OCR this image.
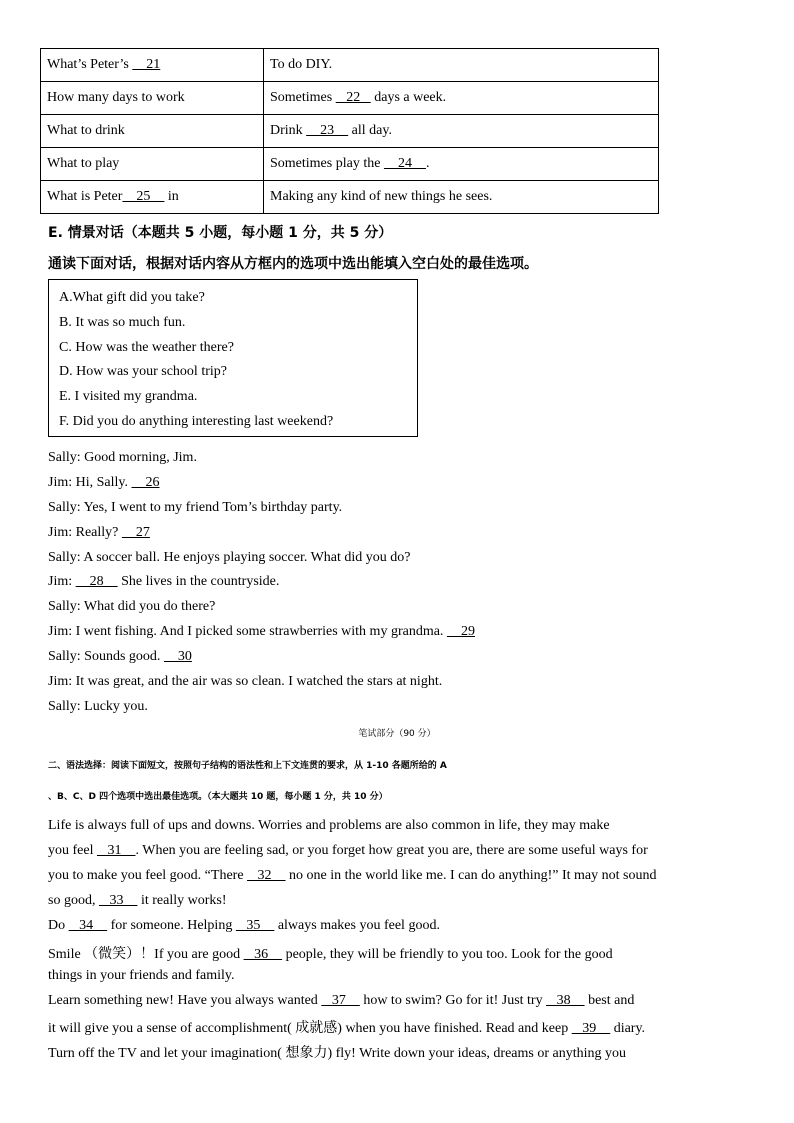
What’s Peter’s     21	To do DIY.
How many days to work	Sometimes    22    days a week.
What to drink	Drink     23     all day.
What to play	Sometimes play the     24    .
What is Peter    25     in	Making any kind of new things he sees.
E. 情景对话（本题共 5 小题，每小题 1 分，共 5 分）
通读下面对话，根据对话内容从方框内的选项中选出能填入空白处的最佳选项。
A.What gift did you take?
B. It was so much fun.
C. How was the weather there?
D. How was your school trip?
E. I visited my grandma.
F. Did you do anything interesting last weekend?
Sally: Good morning, Jim.
Jim: Hi, Sally.     26
Sally: Yes, I went to my friend Tom’s birthday party.
Jim: Really?     27
Sally: A soccer ball. He enjoys playing soccer. What did you do?
Jim:     28     She lives in the countryside.
Sally: What did you do there?
Jim: I went fishing. And I picked some strawberries with my grandma.     29
Sally: Sounds good.     30
Jim: It was great, and the air was so clean. I watched the stars at night.
Sally: Lucky you.
笔试部分（90 分）
二、语法选择：阅读下面短文，按照句子结构的语法性和上下文连贯的要求，从 1-10 各题所给的 A
、B、C、D 四个选项中选出最佳选项。（本大题共 10 题，每小题 1 分，共 10 分）
Life is always full of ups and downs. Worries and problems are also common in life, they may make
you feel    31    . When you are feeling sad, or you forget how great you are, there are some useful ways for
you to make you feel good. “There    32     no one in the world like me. I can do anything!” It may not sound
so good,    33     it really works!
Do    34     for someone. Helping    35     always makes you feel good.
Smile （微笑）！If you are good    36     people, they will be friendly to you too. Look for the good
things in your friends and family.
Learn something new! Have you always wanted    37     how to swim? Go for it! Just try    38     best and
it will give you a sense of accomplishment( 成就感) when you have finished. Read and keep    39     diary.
Turn off the TV and let your imagination( 想象力) fly! Write down your ideas, dreams or anything you
